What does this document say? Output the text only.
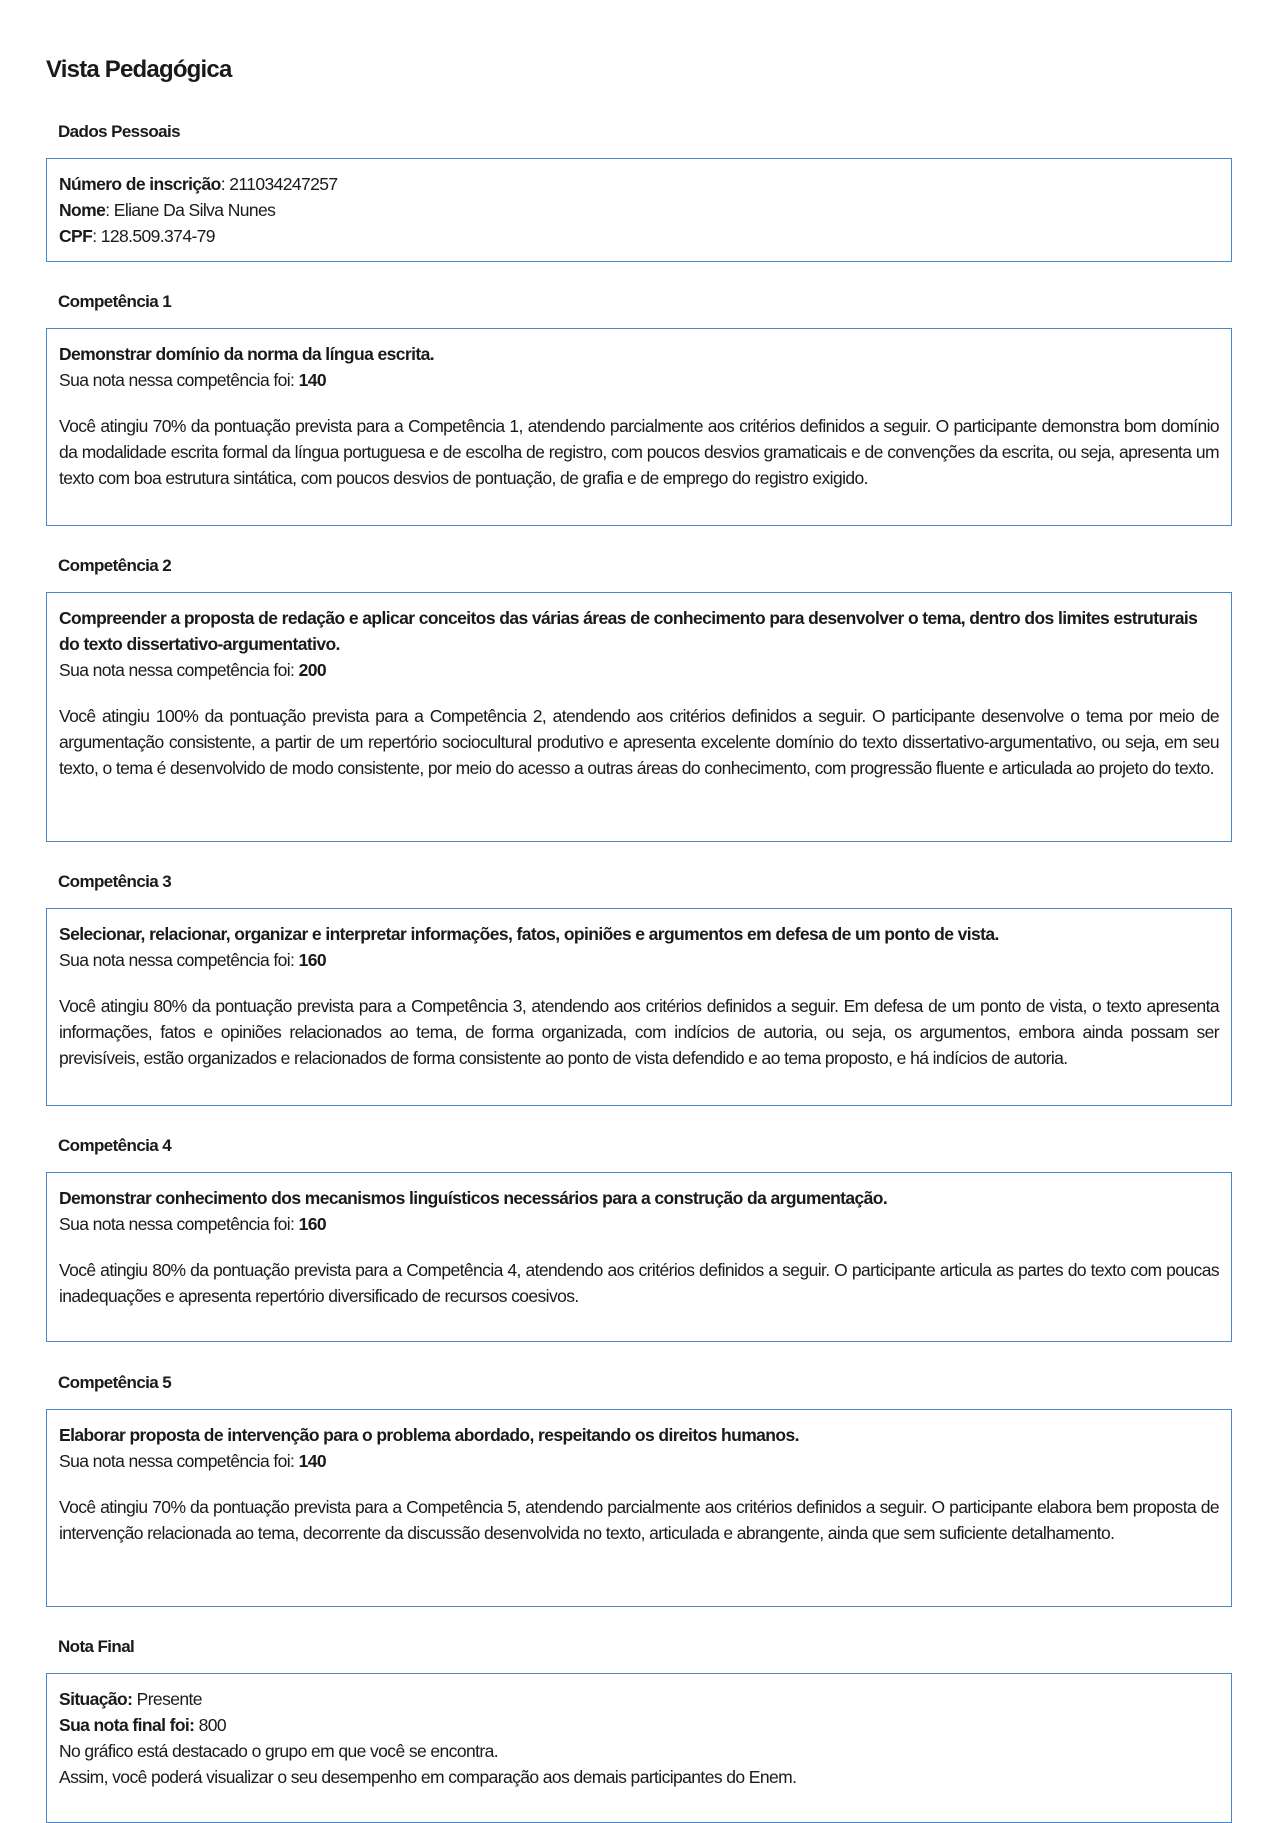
Vista Pedagógica
Dados Pessoais

Número de inscrição: 211034247257

Nome: Eliane Da Silva Nunes

CPF: 128.509.374-79

Competência 1

Demonstrar domínio da norma da língua escrita.

Sua nota nessa competência foi: 140

Você atingiu 70% da pontuação prevista para a Competência 1, atendendo parcialmente aos critérios definidos a seguir. O participante demonstra bom domínio da modalidade escrita formal da língua portuguesa e de escolha de registro, com poucos desvios gramaticais e de convenções da escrita, ou seja, apresenta um texto com boa estrutura sintática, com poucos desvios de pontuação, de grafia e de emprego do registro exigido.

Competência 2

Compreender a proposta de redação e aplicar conceitos das várias áreas de conhecimento para desenvolver o tema, dentro dos limites estruturais do texto dissertativo-argumentativo.

Sua nota nessa competência foi: 200

Você atingiu 100% da pontuação prevista para a Competência 2, atendendo aos critérios definidos a seguir. O participante desenvolve o tema por meio de argumentação consistente, a partir de um repertório sociocultural produtivo e apresenta excelente domínio do texto dissertativo-argumentativo, ou seja, em seu texto, o tema é desenvolvido de modo consistente, por meio do acesso a outras áreas do conhecimento, com progressão fluente e articulada ao projeto do texto.

Competência 3

Selecionar, relacionar, organizar e interpretar informações, fatos, opiniões e argumentos em defesa de um ponto de vista.

Sua nota nessa competência foi: 160

Você atingiu 80% da pontuação prevista para a Competência 3, atendendo aos critérios definidos a seguir. Em defesa de um ponto de vista, o texto apresenta informações, fatos e opiniões relacionados ao tema, de forma organizada, com indícios de autoria, ou seja, os argumentos, embora ainda possam ser previsíveis, estão organizados e relacionados de forma consistente ao ponto de vista defendido e ao tema proposto, e há indícios de autoria.

Competência 4

Demonstrar conhecimento dos mecanismos linguísticos necessários para a construção da argumentação.

Sua nota nessa competência foi: 160

Você atingiu 80% da pontuação prevista para a Competência 4, atendendo aos critérios definidos a seguir. O participante articula as partes do texto com poucas inadequações e apresenta repertório diversificado de recursos coesivos.

Competência 5

Elaborar proposta de intervenção para o problema abordado, respeitando os direitos humanos.

Sua nota nessa competência foi: 140

Você atingiu 70% da pontuação prevista para a Competência 5, atendendo parcialmente aos critérios definidos a seguir. O participante elabora bem proposta de intervenção relacionada ao tema, decorrente da discussão desenvolvida no texto, articulada e abrangente, ainda que sem suficiente detalhamento.

Nota Final

Situação: Presente

Sua nota final foi: 800

No gráfico está destacado o grupo em que você se encontra.

Assim, você poderá visualizar o seu desempenho em comparação aos demais participantes do Enem.
